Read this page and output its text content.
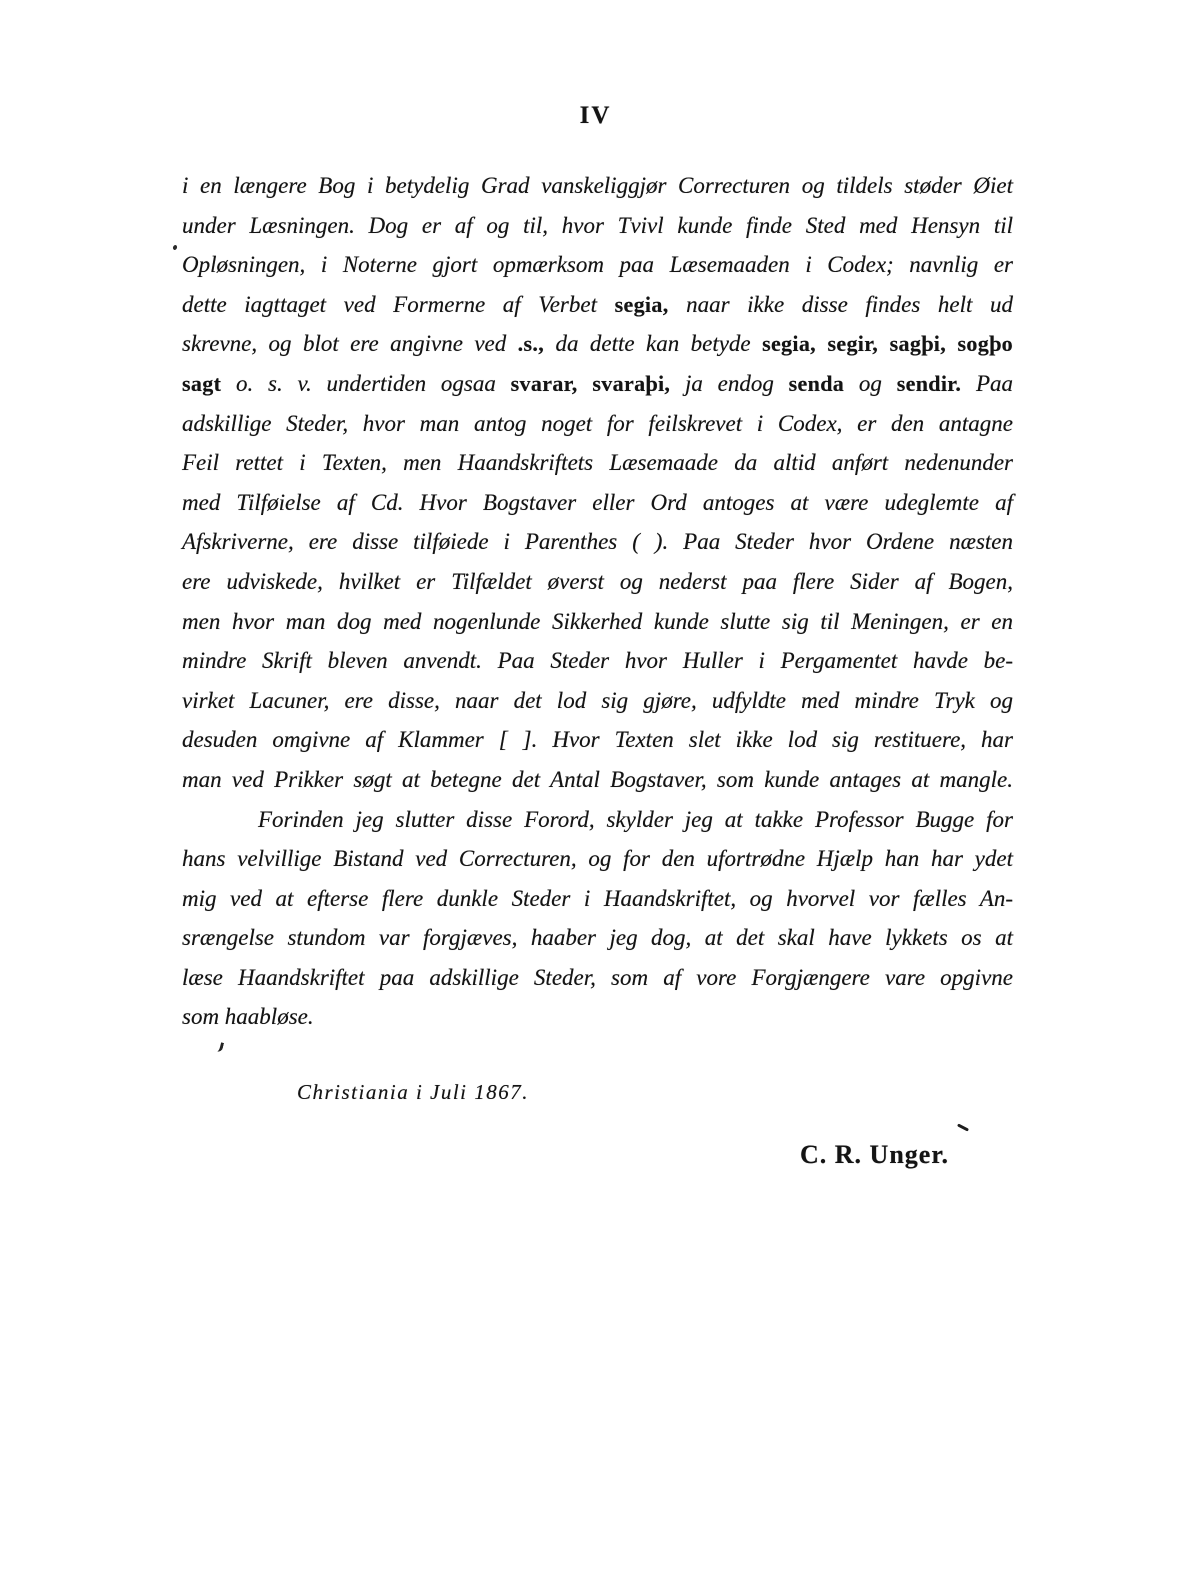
IV
i en længere Bog i betydelig Grad vanskeliggjør Correcturen og tildels støder Øiet
under Læsningen. Dog er af og til, hvor Tvivl kunde finde Sted med Hensyn til
Opløsningen, i Noterne gjort opmærksom paa Læsemaaden i Codex; navnlig er
dette iagttaget ved Formerne af Verbet segia, naar ikke disse findes helt ud
skrevne, og blot ere angivne ved .s., da dette kan betyde segia, segir, sagþi, sogþo
sagt o. s. v. undertiden ogsaa svarar, svaraþi, ja endog senda og sendir. Paa
adskillige Steder, hvor man antog noget for feilskrevet i Codex, er den antagne
Feil rettet i Texten, men Haandskriftets Læsemaade da altid anført nedenunder
med Tilføielse af Cd. Hvor Bogstaver eller Ord antoges at være udeglemte af
Afskriverne, ere disse tilføiede i Parenthes ( ). Paa Steder hvor Ordene næsten
ere udviskede, hvilket er Tilfældet øverst og nederst paa flere Sider af Bogen,
men hvor man dog med nogenlunde Sikkerhed kunde slutte sig til Meningen, er en
mindre Skrift bleven anvendt. Paa Steder hvor Huller i Pergamentet havde be-
virket Lacuner, ere disse, naar det lod sig gjøre, udfyldte med mindre Tryk og
desuden omgivne af Klammer [ ]. Hvor Texten slet ikke lod sig restituere, har
man ved Prikker søgt at betegne det Antal Bogstaver, som kunde antages at mangle.
Forinden jeg slutter disse Forord, skylder jeg at takke Professor Bugge for
hans velvillige Bistand ved Correcturen, og for den ufortrødne Hjælp han har ydet
mig ved at efterse flere dunkle Steder i Haandskriftet, og hvorvel vor fælles An-
srængelse stundom var forgjæves, haaber jeg dog, at det skal have lykkets os at
læse Haandskriftet paa adskillige Steder, som af vore Forgjængere vare opgivne
som haabløse.
Christiania i Juli 1867.
C. R. Unger.
